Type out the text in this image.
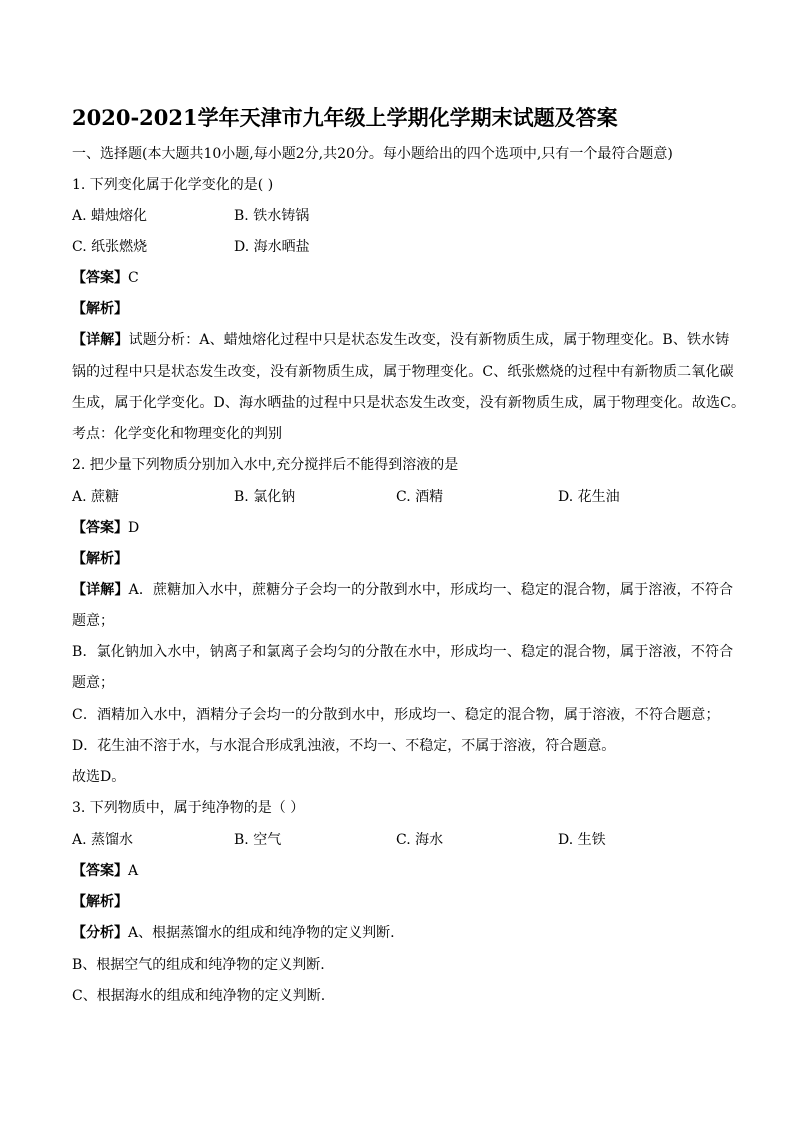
2020-2021学年天津市九年级上学期化学期末试题及答案
一、选择题(本大题共10小题,每小题2分,共20分。每小题给出的四个选项中,只有一个最符合题意)
1. 下列变化属于化学变化的是( )
A. 蜡烛熔化	B. 铁水铸锅
C. 纸张燃烧	D. 海水晒盐
【答案】C
【解析】
【详解】试题分析：A、蜡烛熔化过程中只是状态发生改变，没有新物质生成，属于物理变化。B、铁水铸
锅的过程中只是状态发生改变，没有新物质生成，属于物理变化。C、纸张燃烧的过程中有新物质二氧化碳
生成，属于化学变化。D、海水晒盐的过程中只是状态发生改变，没有新物质生成，属于物理变化。故选C。
考点：化学变化和物理变化的判别
2. 把少量下列物质分别加入水中,充分搅拌后不能得到溶液的是
A. 蔗糖	B. 氯化钠	C. 酒精	D. 花生油
【答案】D
【解析】
【详解】A．蔗糖加入水中，蔗糖分子会均一的分散到水中，形成均一、稳定的混合物，属于溶液，不符合
题意；
B．氯化钠加入水中，钠离子和氯离子会均匀的分散在水中，形成均一、稳定的混合物，属于溶液，不符合
题意；
C．酒精加入水中，酒精分子会均一的分散到水中，形成均一、稳定的混合物，属于溶液，不符合题意；
D．花生油不溶于水，与水混合形成乳浊液，不均一、不稳定，不属于溶液，符合题意。
故选D。
3. 下列物质中，属于纯净物的是（ ）
A. 蒸馏水	B. 空气	C. 海水	D. 生铁
【答案】A
【解析】
【分析】A、根据蒸馏水的组成和纯净物的定义判断.
B、根据空气的组成和纯净物的定义判断.
C、根据海水的组成和纯净物的定义判断.
